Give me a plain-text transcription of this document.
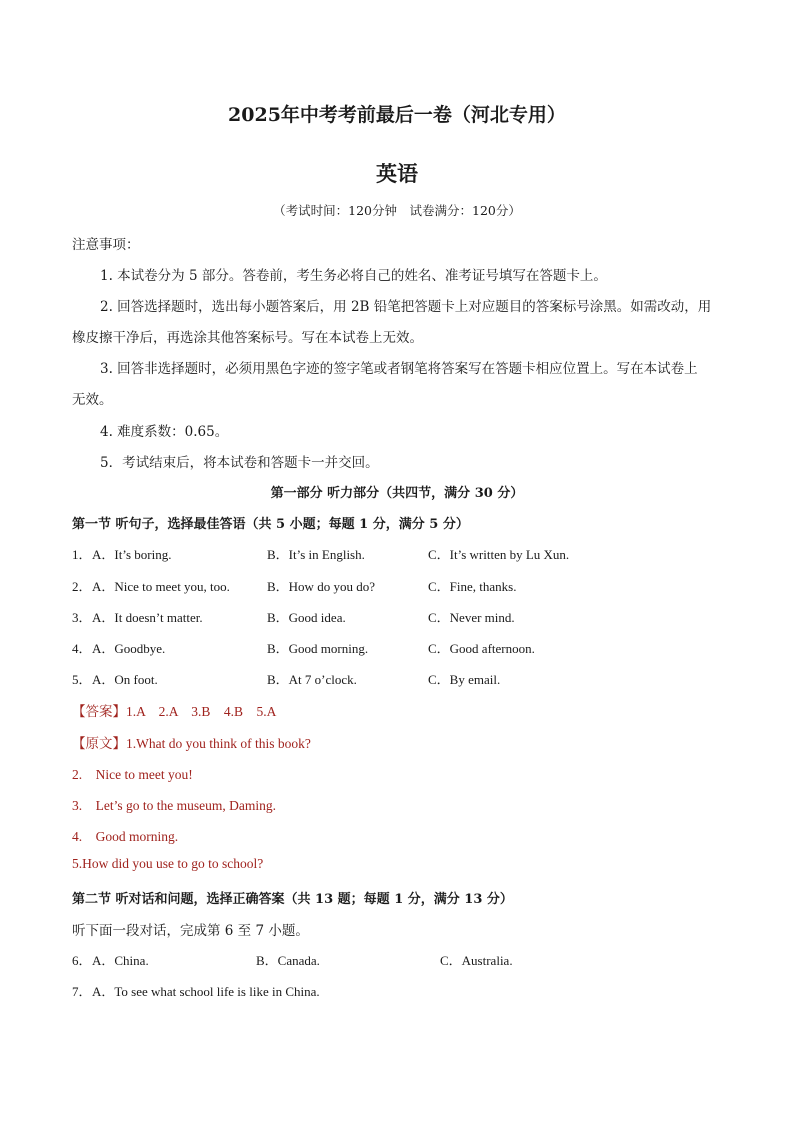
2025年中考考前最后一卷（河北专用）
英语
（考试时间：120分钟　试卷满分：120分）
注意事项：
1. 本试卷分为 5 部分。答卷前，考生务必将自己的姓名、准考证号填写在答题卡上。
2. 回答选择题时，选出每小题答案后，用 2B 铅笔把答题卡上对应题目的答案标号涂黑。如需改动，用
橡皮擦干净后，再选涂其他答案标号。写在本试卷上无效。
3. 回答非选择题时，必须用黑色字迹的签字笔或者钢笔将答案写在答题卡相应位置上。写在本试卷上
无效。
4. 难度系数：0.65。
5．考试结束后，将本试卷和答题卡一并交回。
第一部分 听力部分（共四节，满分 30 分）
第一节 听句子，选择最佳答语（共 5 小题；每题 1 分，满分 5 分）
1． A．It’s boring.	B．It’s in English.	C．It’s written by Lu Xun.
2． A．Nice to meet you, too.	B．How do you do?	C．Fine, thanks.
3． A．It doesn’t matter.	B．Good idea.	C．Never mind.
4． A．Goodbye.	B．Good morning.	C．Good afternoon.
5． A．On foot.	B．At 7 o’clock.	C．By email.
【答案】1.A　2.A　3.B　4.B　5.A
【原文】1.What do you think of this book?
2.　Nice to meet you!
3.　Let’s go to the museum, Daming.
4.　Good morning.
5.How did you use to go to school?
第二节 听对话和问题，选择正确答案（共 13 题；每题 1 分，满分 13 分）
听下面一段对话，完成第 6 至 7 小题。
6． A．China.	B．Canada.	C．Australia.
7． A．To see what school life is like in China.
